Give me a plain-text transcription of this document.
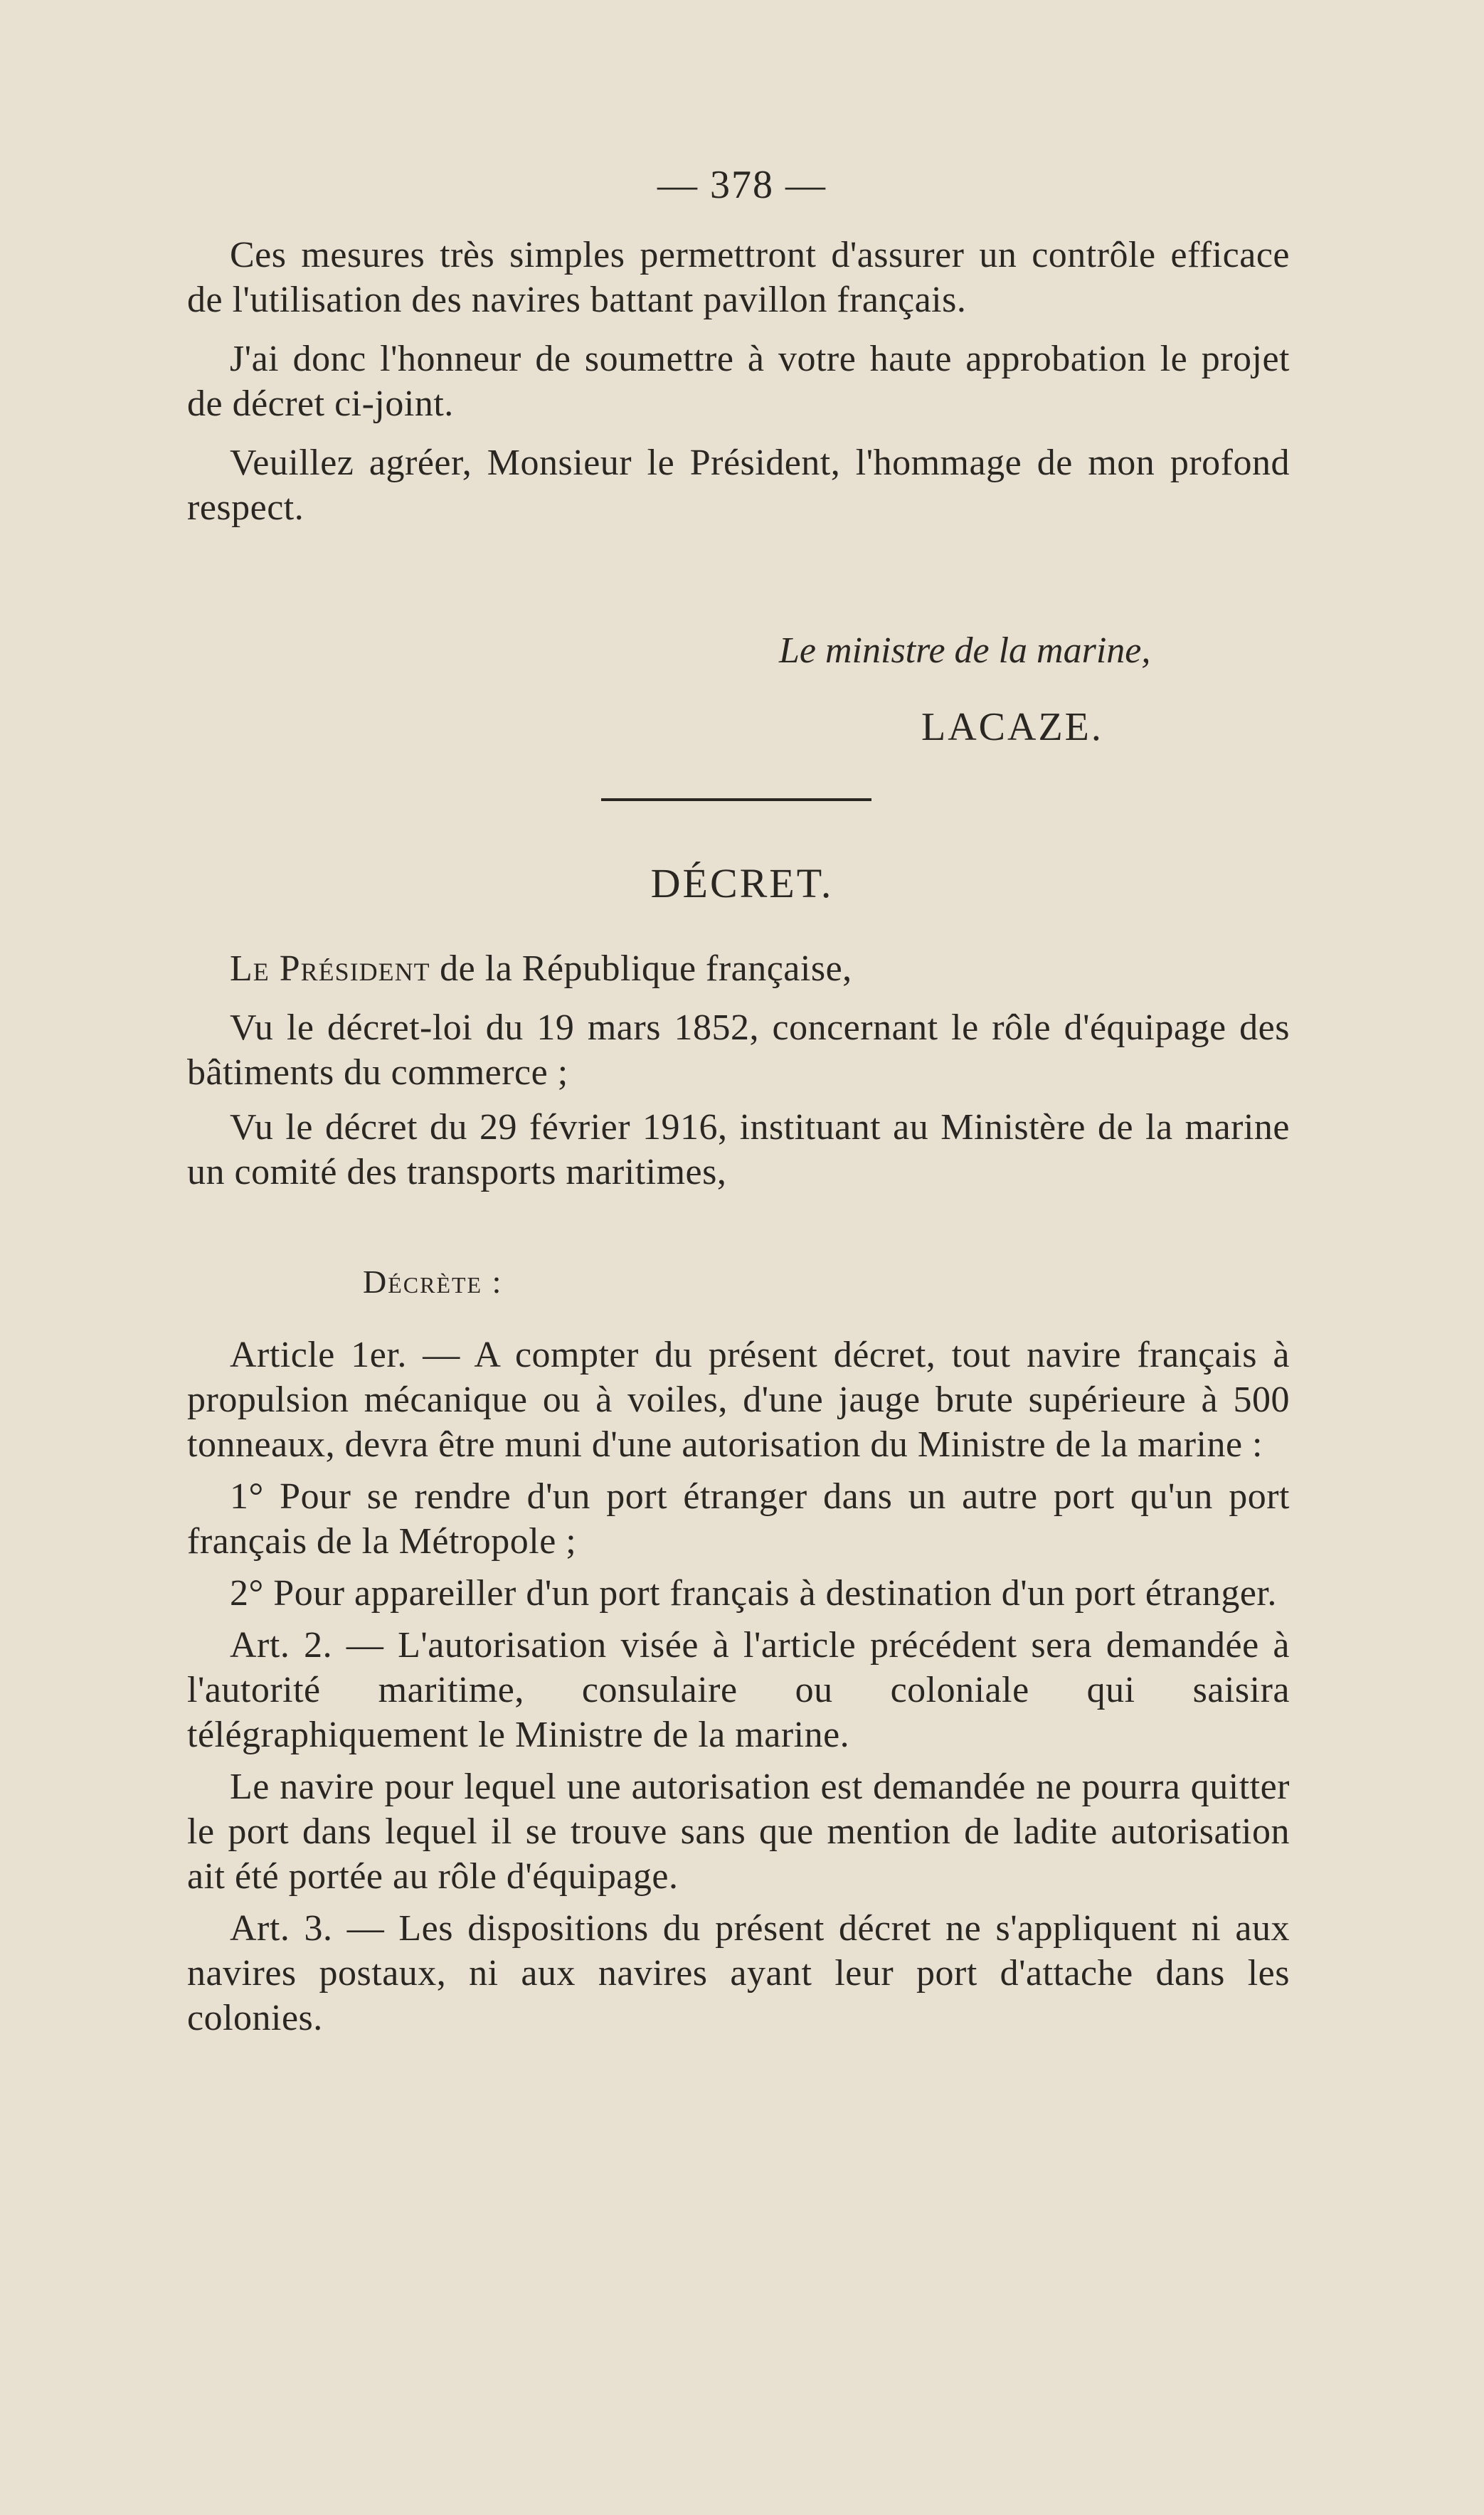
— 378 —

Ces mesures très simples permettront d'assurer un contrôle efficace de l'utilisation des navires battant pavillon français.

J'ai donc l'honneur de soumettre à votre haute approbation le projet de décret ci-joint.

Veuillez agréer, Monsieur le Président, l'hommage de mon profond respect.

Le ministre de la marine,
LACAZE.
DÉCRET.

Le Président de la République française,

Vu le décret-loi du 19 mars 1852, concernant le rôle d'équipage des bâtiments du commerce ;

Vu le décret du 29 février 1916, instituant au Ministère de la marine un comité des transports maritimes,

Décrète :

Article 1er. — A compter du présent décret, tout navire français à propulsion mécanique ou à voiles, d'une jauge brute supérieure à 500 tonneaux, devra être muni d'une autorisation du Ministre de la marine :

1° Pour se rendre d'un port étranger dans un autre port qu'un port français de la Métropole ;

2° Pour appareiller d'un port français à destination d'un port étranger.

Art. 2. — L'autorisation visée à l'article précédent sera demandée à l'autorité maritime, consulaire ou coloniale qui saisira télégraphiquement le Ministre de la marine.

Le navire pour lequel une autorisation est demandée ne pourra quitter le port dans lequel il se trouve sans que mention de ladite autorisation ait été portée au rôle d'équipage.

Art. 3. — Les dispositions du présent décret ne s'appliquent ni aux navires postaux, ni aux navires ayant leur port d'attache dans les colonies.
